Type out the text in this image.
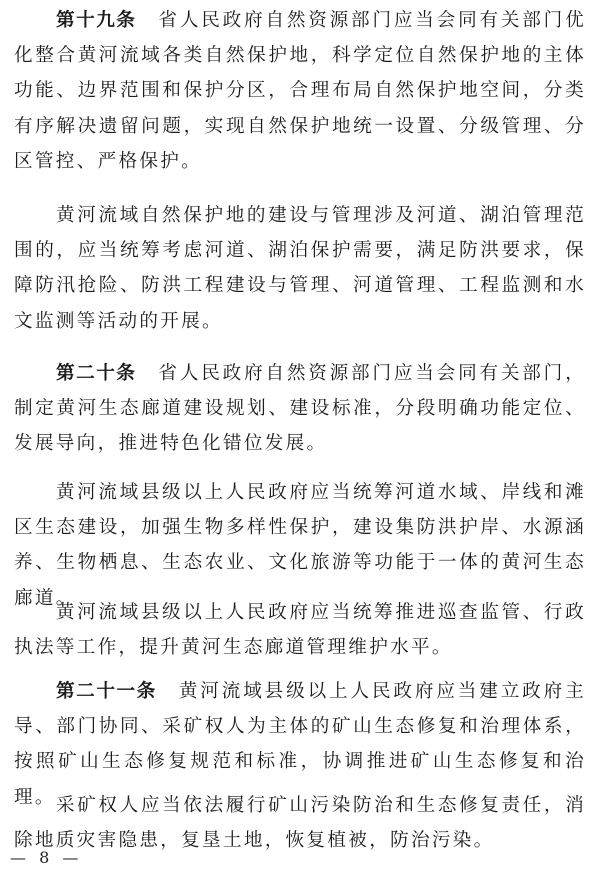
第十九条 省人民政府自然资源部门应当会同有关部门优化整合黄河流域各类自然保护地，科学定位自然保护地的主体功能、边界范围和保护分区，合理布局自然保护地空间，分类有序解决遗留问题，实现自然保护地统一设置、分级管理、分区管控、严格保护。

黄河流域自然保护地的建设与管理涉及河道、湖泊管理范围的，应当统筹考虑河道、湖泊保护需要，满足防洪要求，保障防汛抢险、防洪工程建设与管理、河道管理、工程监测和水文监测等活动的开展。

第二十条 省人民政府自然资源部门应当会同有关部门，制定黄河生态廊道建设规划、建设标准，分段明确功能定位、发展导向，推进特色化错位发展。

黄河流域县级以上人民政府应当统筹河道水域、岸线和滩区生态建设，加强生物多样性保护，建设集防洪护岸、水源涵养、生物栖息、生态农业、文化旅游等功能于一体的黄河生态廊道。

黄河流域县级以上人民政府应当统筹推进巡查监管、行政执法等工作，提升黄河生态廊道管理维护水平。

第二十一条 黄河流域县级以上人民政府应当建立政府主导、部门协同、采矿权人为主体的矿山生态修复和治理体系，按照矿山生态修复规范和标准，协调推进矿山生态修复和治理。 采矿权人应当依法履行矿山污染防治和生态修复责任，消除地质灾害隐患，复垦土地，恢复植被，防治污染。

— 8 —
